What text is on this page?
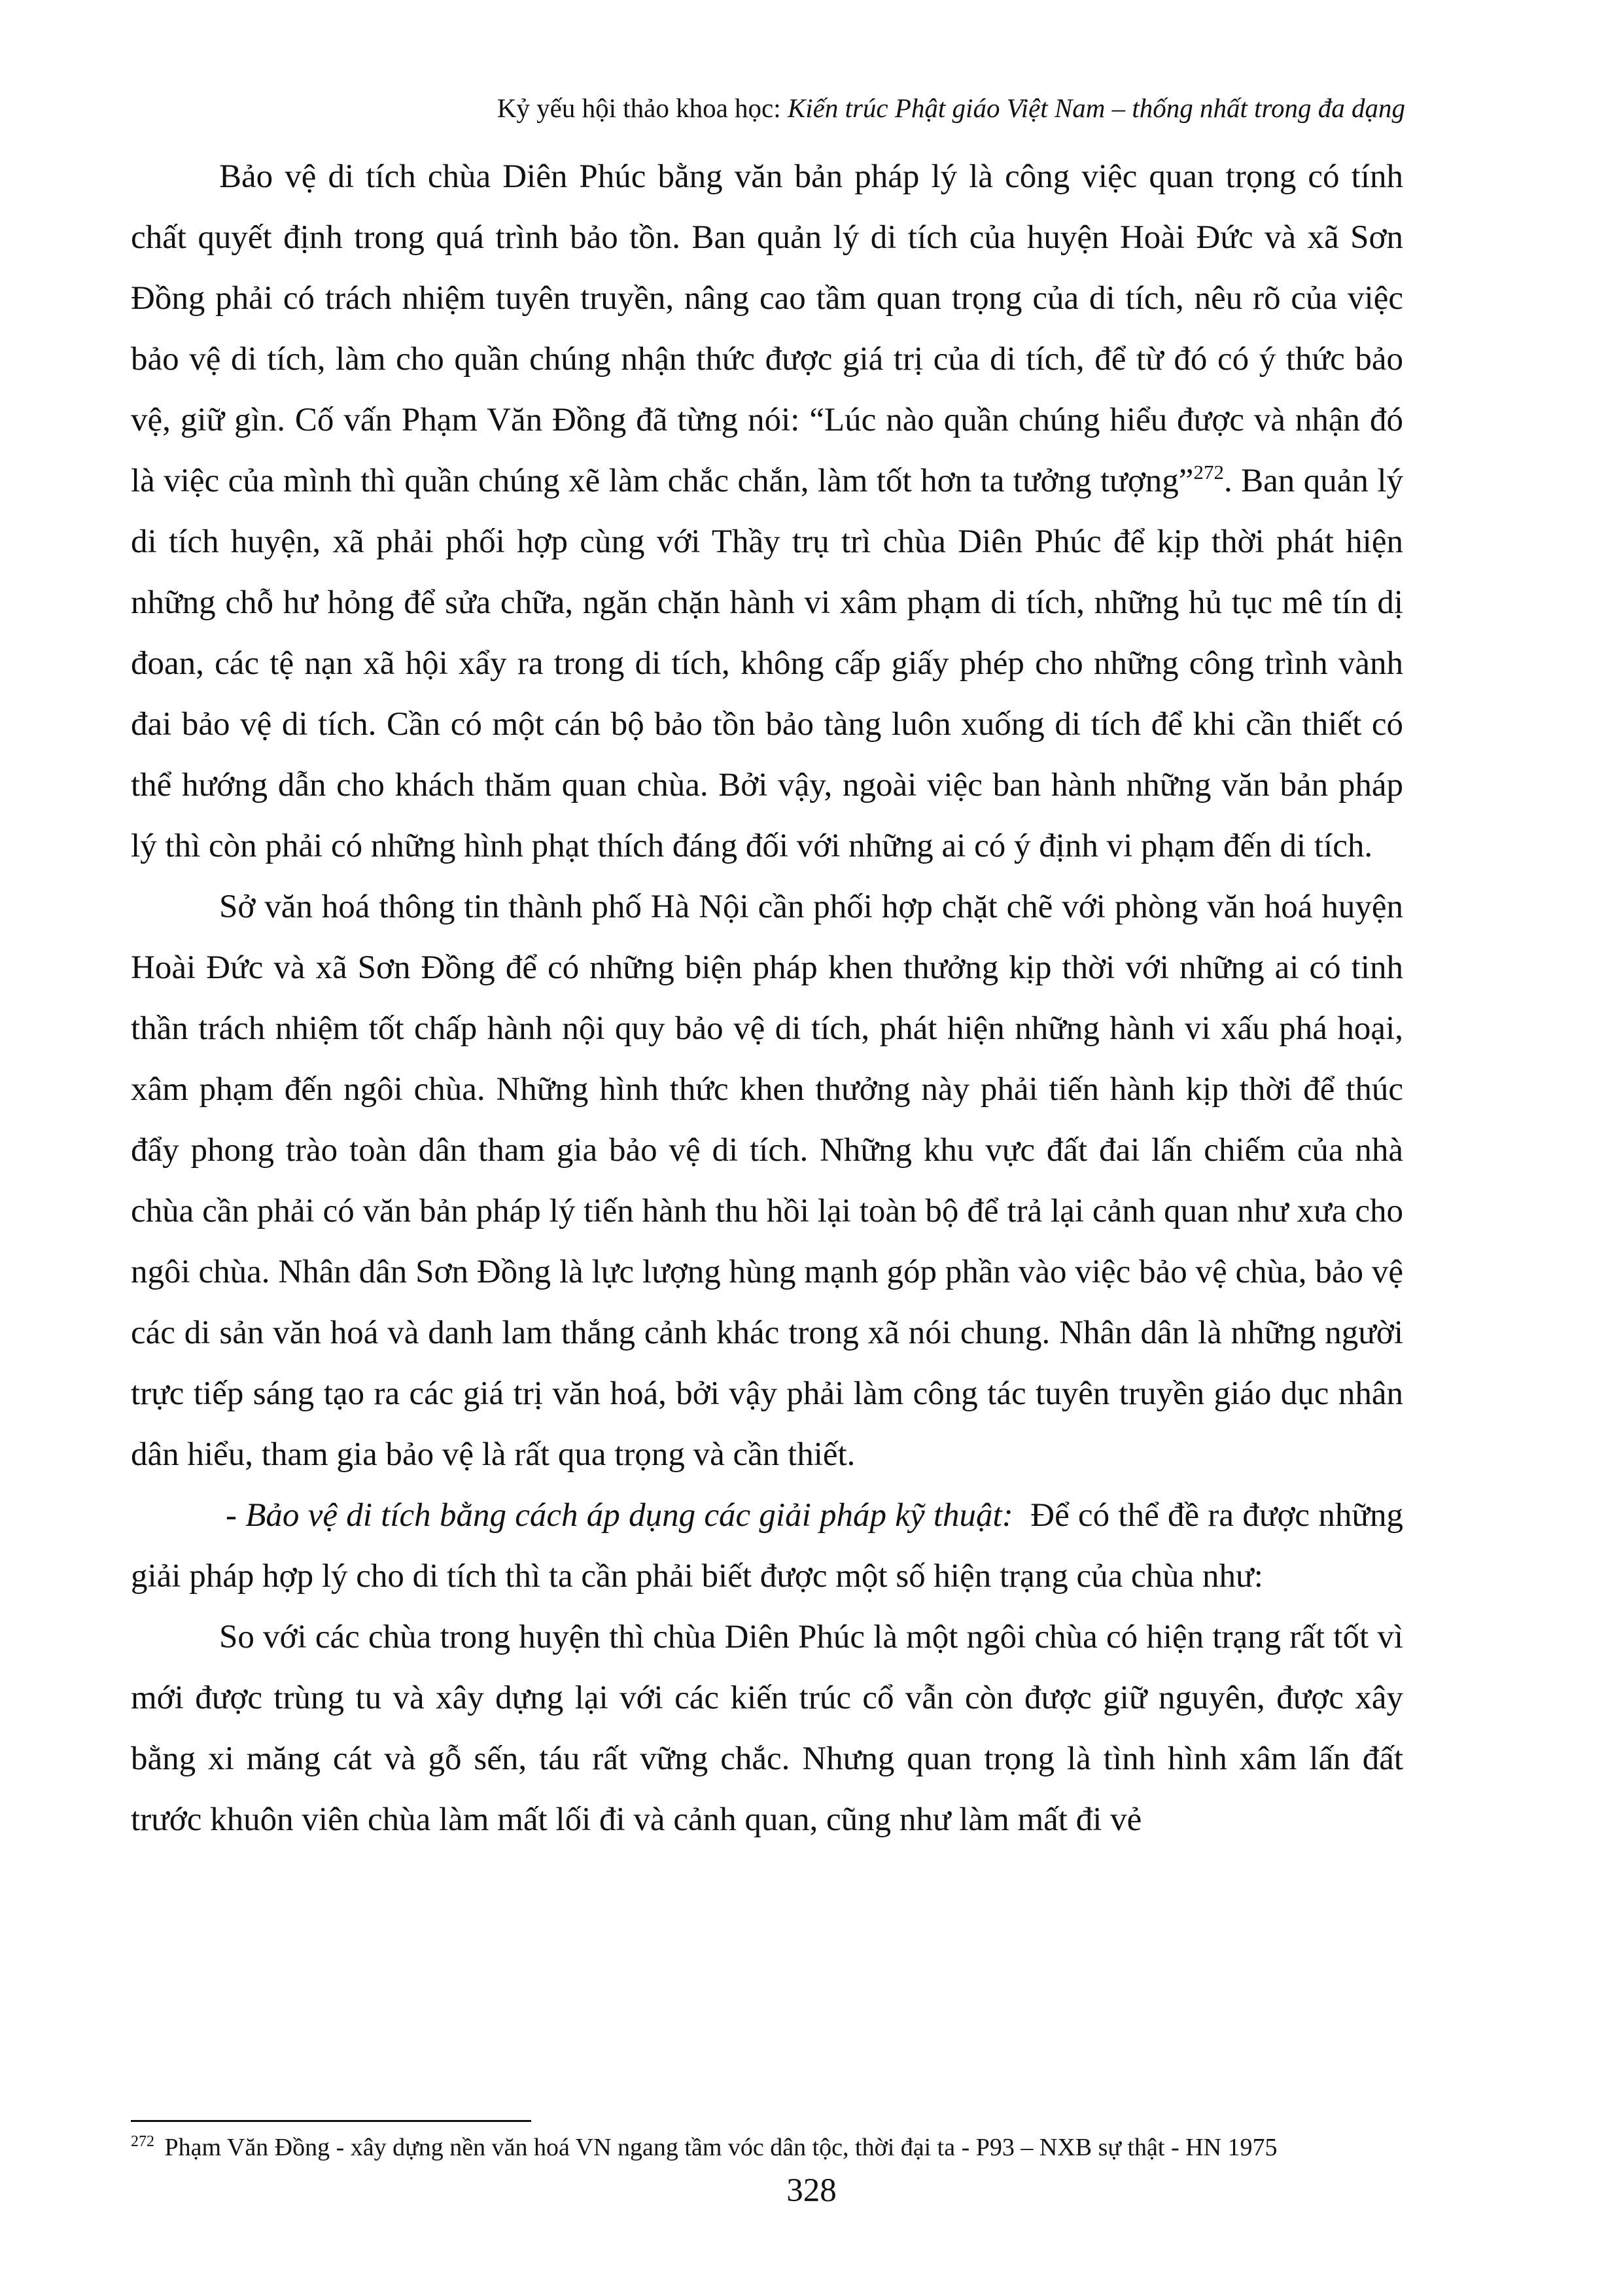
Kỷ yếu hội thảo khoa học: Kiến trúc Phật giáo Việt Nam – thống nhất trong đa dạng

Bảo vệ di tích chùa Diên Phúc bằng văn bản pháp lý là công việc quan trọng có tính chất quyết định trong quá trình bảo tồn. Ban quản lý di tích của huyện Hoài Đức và xã Sơn Đồng phải có trách nhiệm tuyên truyền, nâng cao tầm quan trọng của di tích, nêu rõ của việc bảo vệ di tích, làm cho quần chúng nhận thức được giá trị của di tích, để từ đó có ý thức bảo vệ, giữ gìn. Cố vấn Phạm Văn Đồng đã từng nói: “Lúc nào quần chúng hiểu được và nhận đó là việc của mình thì quần chúng xẽ làm chắc chắn, làm tốt hơn ta tưởng tượng”$^{272}$. Ban quản lý di tích huyện, xã phải phối hợp cùng với Thầy trụ trì chùa Diên Phúc để kịp thời phát hiện những chỗ hư hỏng để sửa chữa, ngăn chặn hành vi xâm phạm di tích, những hủ tục mê tín dị đoan, các tệ nạn xã hội xẩy ra trong di tích, không cấp giấy phép cho những công trình vành đai bảo vệ di tích. Cần có một cán bộ bảo tồn bảo tàng luôn xuống di tích để khi cần thiết có thể hướng dẫn cho khách thăm quan chùa. Bởi vậy, ngoài việc ban hành những văn bản pháp lý thì còn phải có những hình phạt thích đáng đối với những ai có ý định vi phạm đến di tích.

Sở văn hoá thông tin thành phố Hà Nội cần phối hợp chặt chẽ với phòng văn hoá huyện Hoài Đức và xã Sơn Đồng để có những biện pháp khen thưởng kịp thời với những ai có tinh thần trách nhiệm tốt chấp hành nội quy bảo vệ di tích, phát hiện những hành vi xấu phá hoại, xâm phạm đến ngôi chùa. Những hình thức khen thưởng này phải tiến hành kịp thời để thúc đẩy phong trào toàn dân tham gia bảo vệ di tích. Những khu vực đất đai lấn chiếm của nhà chùa cần phải có văn bản pháp lý tiến hành thu hồi lại toàn bộ để trả lại cảnh quan như xưa cho ngôi chùa. Nhân dân Sơn Đồng là lực lượng hùng mạnh góp phần vào việc bảo vệ chùa, bảo vệ các di sản văn hoá và danh lam thắng cảnh khác trong xã nói chung. Nhân dân là những người trực tiếp sáng tạo ra các giá trị văn hoá, bởi vậy phải làm công tác tuyên truyền giáo dục nhân dân hiểu, tham gia bảo vệ là rất qua trọng và cần thiết.

- Bảo vệ di tích bằng cách áp dụng các giải pháp kỹ thuật:  Để có thể đề ra được những giải pháp hợp lý cho di tích thì ta cần phải biết được một số hiện trạng của chùa như:

So với các chùa trong huyện thì chùa Diên Phúc là một ngôi chùa có hiện trạng rất tốt vì mới được trùng tu và xây dựng lại với các kiến trúc cổ vẫn còn được giữ nguyên, được xây bằng xi măng cát và gỗ sến, táu rất vững chắc. Nhưng quan trọng là tình hình xâm lấn đất trước khuôn viên chùa làm mất lối đi và cảnh quan, cũng như làm mất đi vẻ

$^{272}$ Phạm Văn Đồng - xây dựng nền văn hoá VN ngang tầm vóc dân tộc, thời đại ta - P93 – NXB sự thật - HN 1975
328
